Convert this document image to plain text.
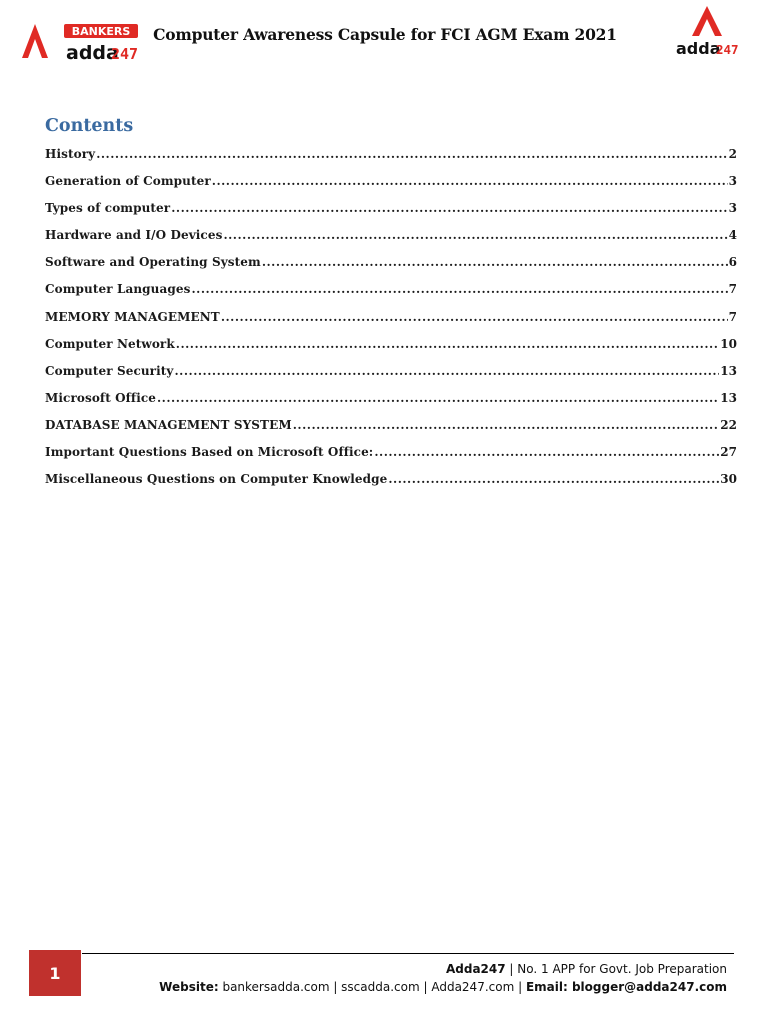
BANKERS
adda
247
Computer Awareness Capsule for FCI AGM Exam 2021
adda
247
Contents
History .....	2
Generation of Computer .....	3
Types of computer .....	3
Hardware and I/O Devices .....	4
Software and Operating System .....	6
Computer Languages .....	7
MEMORY MANAGEMENT .....	7
Computer Network .....	10
Computer Security .....	13
Microsoft Office .....	13
DATABASE MANAGEMENT SYSTEM .....	22
Important Questions Based on Microsoft Office: .....	27
Miscellaneous Questions on Computer Knowledge .....	30
1	Adda247 | No. 1 APP for Govt. Job Preparation
Website: bankersadda.com | sscadda.com | Adda247.com | Email: blogger@adda247.com
